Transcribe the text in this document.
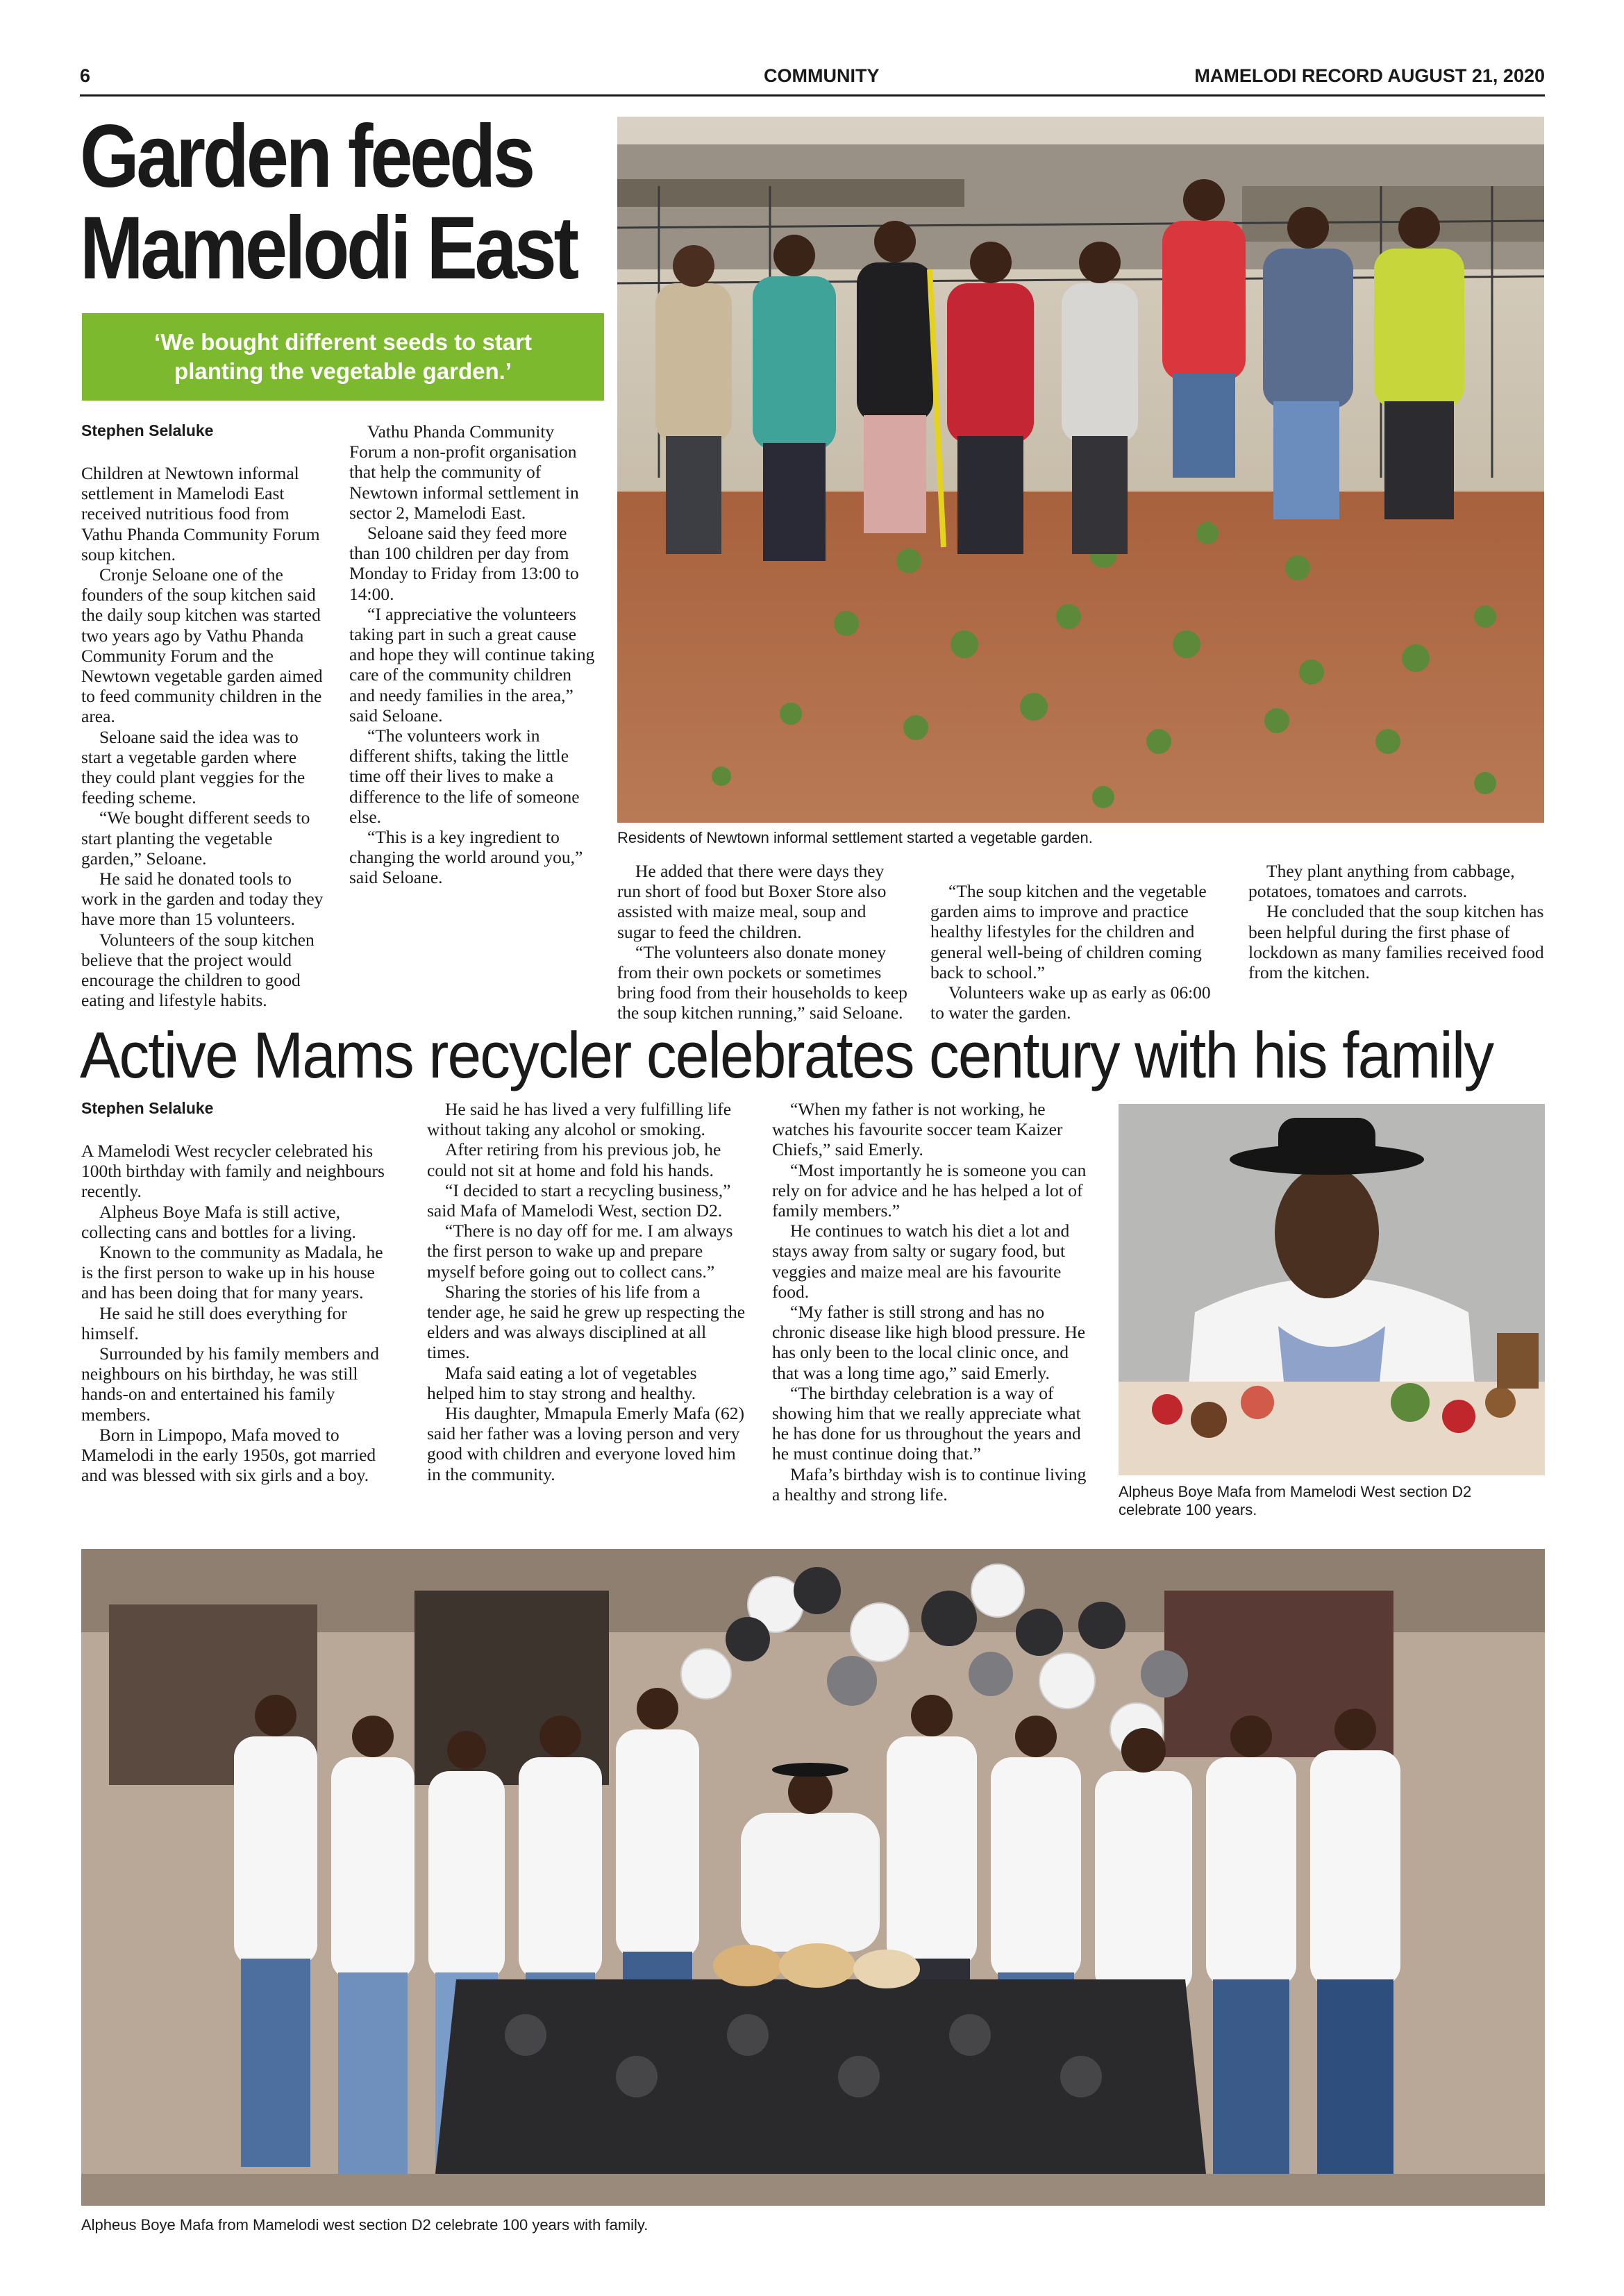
6	COMMUNITY	MAMELODI RECORD AUGUST 21, 2020
Garden feeds
Mamelodi East
‘We bought different seeds to start
planting the vegetable garden.’
Stephen Selaluke

Children at Newtown informal settlement in Mamelodi East received nutritious food from Vathu Phanda Community Forum soup kitchen.

Cronje Seloane one of the founders of the soup kitchen said the daily soup kitchen was started two years ago by Vathu Phanda Community Forum and the Newtown vegetable garden aimed to feed community children in the area.

Seloane said the idea was to start a vegetable garden where they could plant veggies for the feeding scheme.

“We bought different seeds to start planting the vegetable garden,” Seloane.

He said he donated tools to work in the garden and today they have more than 15 volunteers.

Volunteers of the soup kitchen believe that the project would encourage the children to good eating and lifestyle habits.

Vathu Phanda Community Forum a non-profit organisation that help the community of Newtown informal settlement in sector 2, Mamelodi East.

Seloane said they feed more than 100 children per day from Monday to Friday from 13:00 to 14:00.

“I appreciative the volunteers taking part in such a great cause and hope they will continue taking care of the community children and needy families in the area,” said Seloane.

“The volunteers work in different shifts, taking the little time off their lives to make a difference to the life of someone else.

“This is a key ingredient to changing the world around you,” said Seloane.

Residents of Newtown informal settlement started a vegetable garden.

He added that there were days they run short of food but Boxer Store also assisted with maize meal, soup and sugar to feed the children.

“The volunteers also donate money from their own pockets or sometimes bring food from their households to keep the soup kitchen running,” said Seloane.

“The soup kitchen and the vegetable garden aims to improve and practice healthy lifestyles for the children and general well-being of children coming back to school.”

Volunteers wake up as early as 06:00 to water the garden.

They plant anything from cabbage, potatoes, tomatoes and carrots.

He concluded that the soup kitchen has been helpful during the first phase of lockdown as many families received food from the kitchen.

Active Mams recycler celebrates century with his family
Stephen Selaluke

A Mamelodi West recycler celebrated his 100th birthday with family and neighbours recently.

Alpheus Boye Mafa is still active, collecting cans and bottles for a living.

Known to the community as Madala, he is the first person to wake up in his house and has been doing that for many years.

He said he still does everything for himself.

Surrounded by his family members and neighbours on his birthday, he was still hands-on and entertained his family members.

Born in Limpopo, Mafa moved to Mamelodi in the early 1950s, got married and was blessed with six girls and a boy.

He said he has lived a very fulfilling life without taking any alcohol or smoking.

After retiring from his previous job, he could not sit at home and fold his hands.

“I decided to start a recycling business,” said Mafa of Mamelodi West, section D2.

“There is no day off for me. I am always the first person to wake up and prepare myself before going out to collect cans.”

Sharing the stories of his life from a tender age, he said he grew up respecting the elders and was always disciplined at all times.

Mafa said eating a lot of vegetables helped him to stay strong and healthy.

His daughter, Mmapula Emerly Mafa (62) said her father was a loving person and very good with children and everyone loved him in the community.

“When my father is not working, he watches his favourite soccer team Kaizer Chiefs,” said Emerly.

“Most importantly he is someone you can rely on for advice and he has helped a lot of family members.”

He continues to watch his diet a lot and stays away from salty or sugary food, but veggies and maize meal are his favourite food.

“My father is still strong and has no chronic disease like high blood pressure. He has only been to the local clinic once, and that was a long time ago,” said Emerly.

“The birthday celebration is a way of showing him that we really appreciate what he has done for us throughout the years and he must continue doing that.”

Mafa’s birthday wish is to continue living a healthy and strong life.	Alpheus Boye Mafa from Mamelodi West section D2
celebrate 100 years.
Alpheus Boye Mafa from Mamelodi west section D2 celebrate 100 years with family.
